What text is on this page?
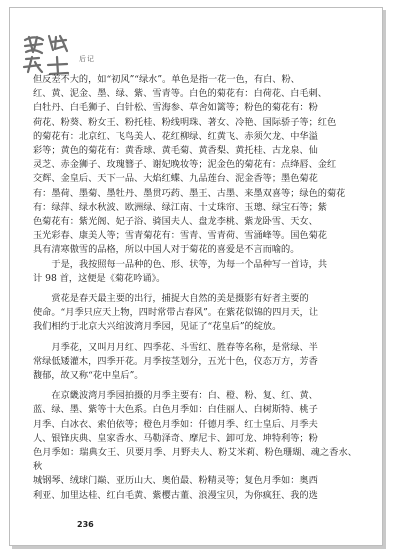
后记
但反差不大的，如“初风”“绿水”。单色是指一花一色，有白、粉、
红、黄、泥金、墨、绿、紫、雪青等。白色的菊花有：白荷花、白毛刺、
白牡丹、白毛狮子、白针松、雪海参、草舍如篱等；粉色的菊花有：粉
荷花、粉葵、粉女王、粉托桂、粉线明珠、著女、冷艳、国际骄子等；红色
的菊花有：北京红、飞鸟美人、花红柳绿、红黄飞、赤须欠龙、中华溢
彩等；黄色的菊花有：黄香球、黄毛菊、黄香梨、黄托桂、古龙泉、仙
灵芝、赤金狮子、玫瑰簪子、谢妃晚妆等；泥金色的菊花有：点绛唇、金红
交辉、金皇后、天下一品、大焰红蝶、九品莲台、泥金香等；墨色菊花
有：墨荷、墨菊、墨牡丹、墨贯巧药、墨王、古墨、来墨双喜等；绿色的菊花
有：绿萍、绿水秋波、欧洲绿、绿江南、十丈珠帘、玉璁、绿宝石等；紫
色菊花有：紫光阁、妃子浴、骑国夫人、盘龙李桃、紫龙卧雪、天女、
玉光彩春、康美人等；雪青菊花有：雪青、雪青荷、雪涌峰等。国色菊花
具有清寒傲雪的品格，所以中国人对于菊花的喜爱是不言而喻的。
于是，我按照每一品种的色、形、状等，为每一个品种写一首诗，共
计 98 首，这便是《菊花吟诵》。
赏花是春天最主要的出行，捕捉大自然的美是摄影有好者主要的
使命。“月季只应天上物，四时常带占春风”。在紫花似锦的四月天，让
我们相约于北京大兴绾波湾月季园，见证了“花皇后”的绽放。
月季花，又叫月月红、四季花、斗雪红、胜春等名称，是常绿、半
常绿低矮灌木，四季开花。月季按茎划分，五光十色，仪态万方，芳香
馥郁，故又称“花中皇后”。
在京畿波湾月季园拍摄的月季主要有：白、橙、粉、复、红、黄、
蓝、绿、墨、紫等十大色系。白色月季如：白佳丽人、白树斯特、桃子
月季、白冰衣、索伯依等；橙色月季如：仟德月季、红士皇后、月季夫
人、银锋庆典、皇家香水、马勒泽奇、摩尼卡、卸可龙、坤特利等；粉
色月季如：瑞典女王、贝要月季、月野夫人、粉艾米莉、粉色珊瑚、魂之香水、秋
城钢琴、绒球门巅、亚历山大、奥伯最、粉精灵等；复色月季如：奥西
利亚、加里达桂、红白毛黄、紫樱古董、浪漫宝贝，为你疯狂、我的选
236
